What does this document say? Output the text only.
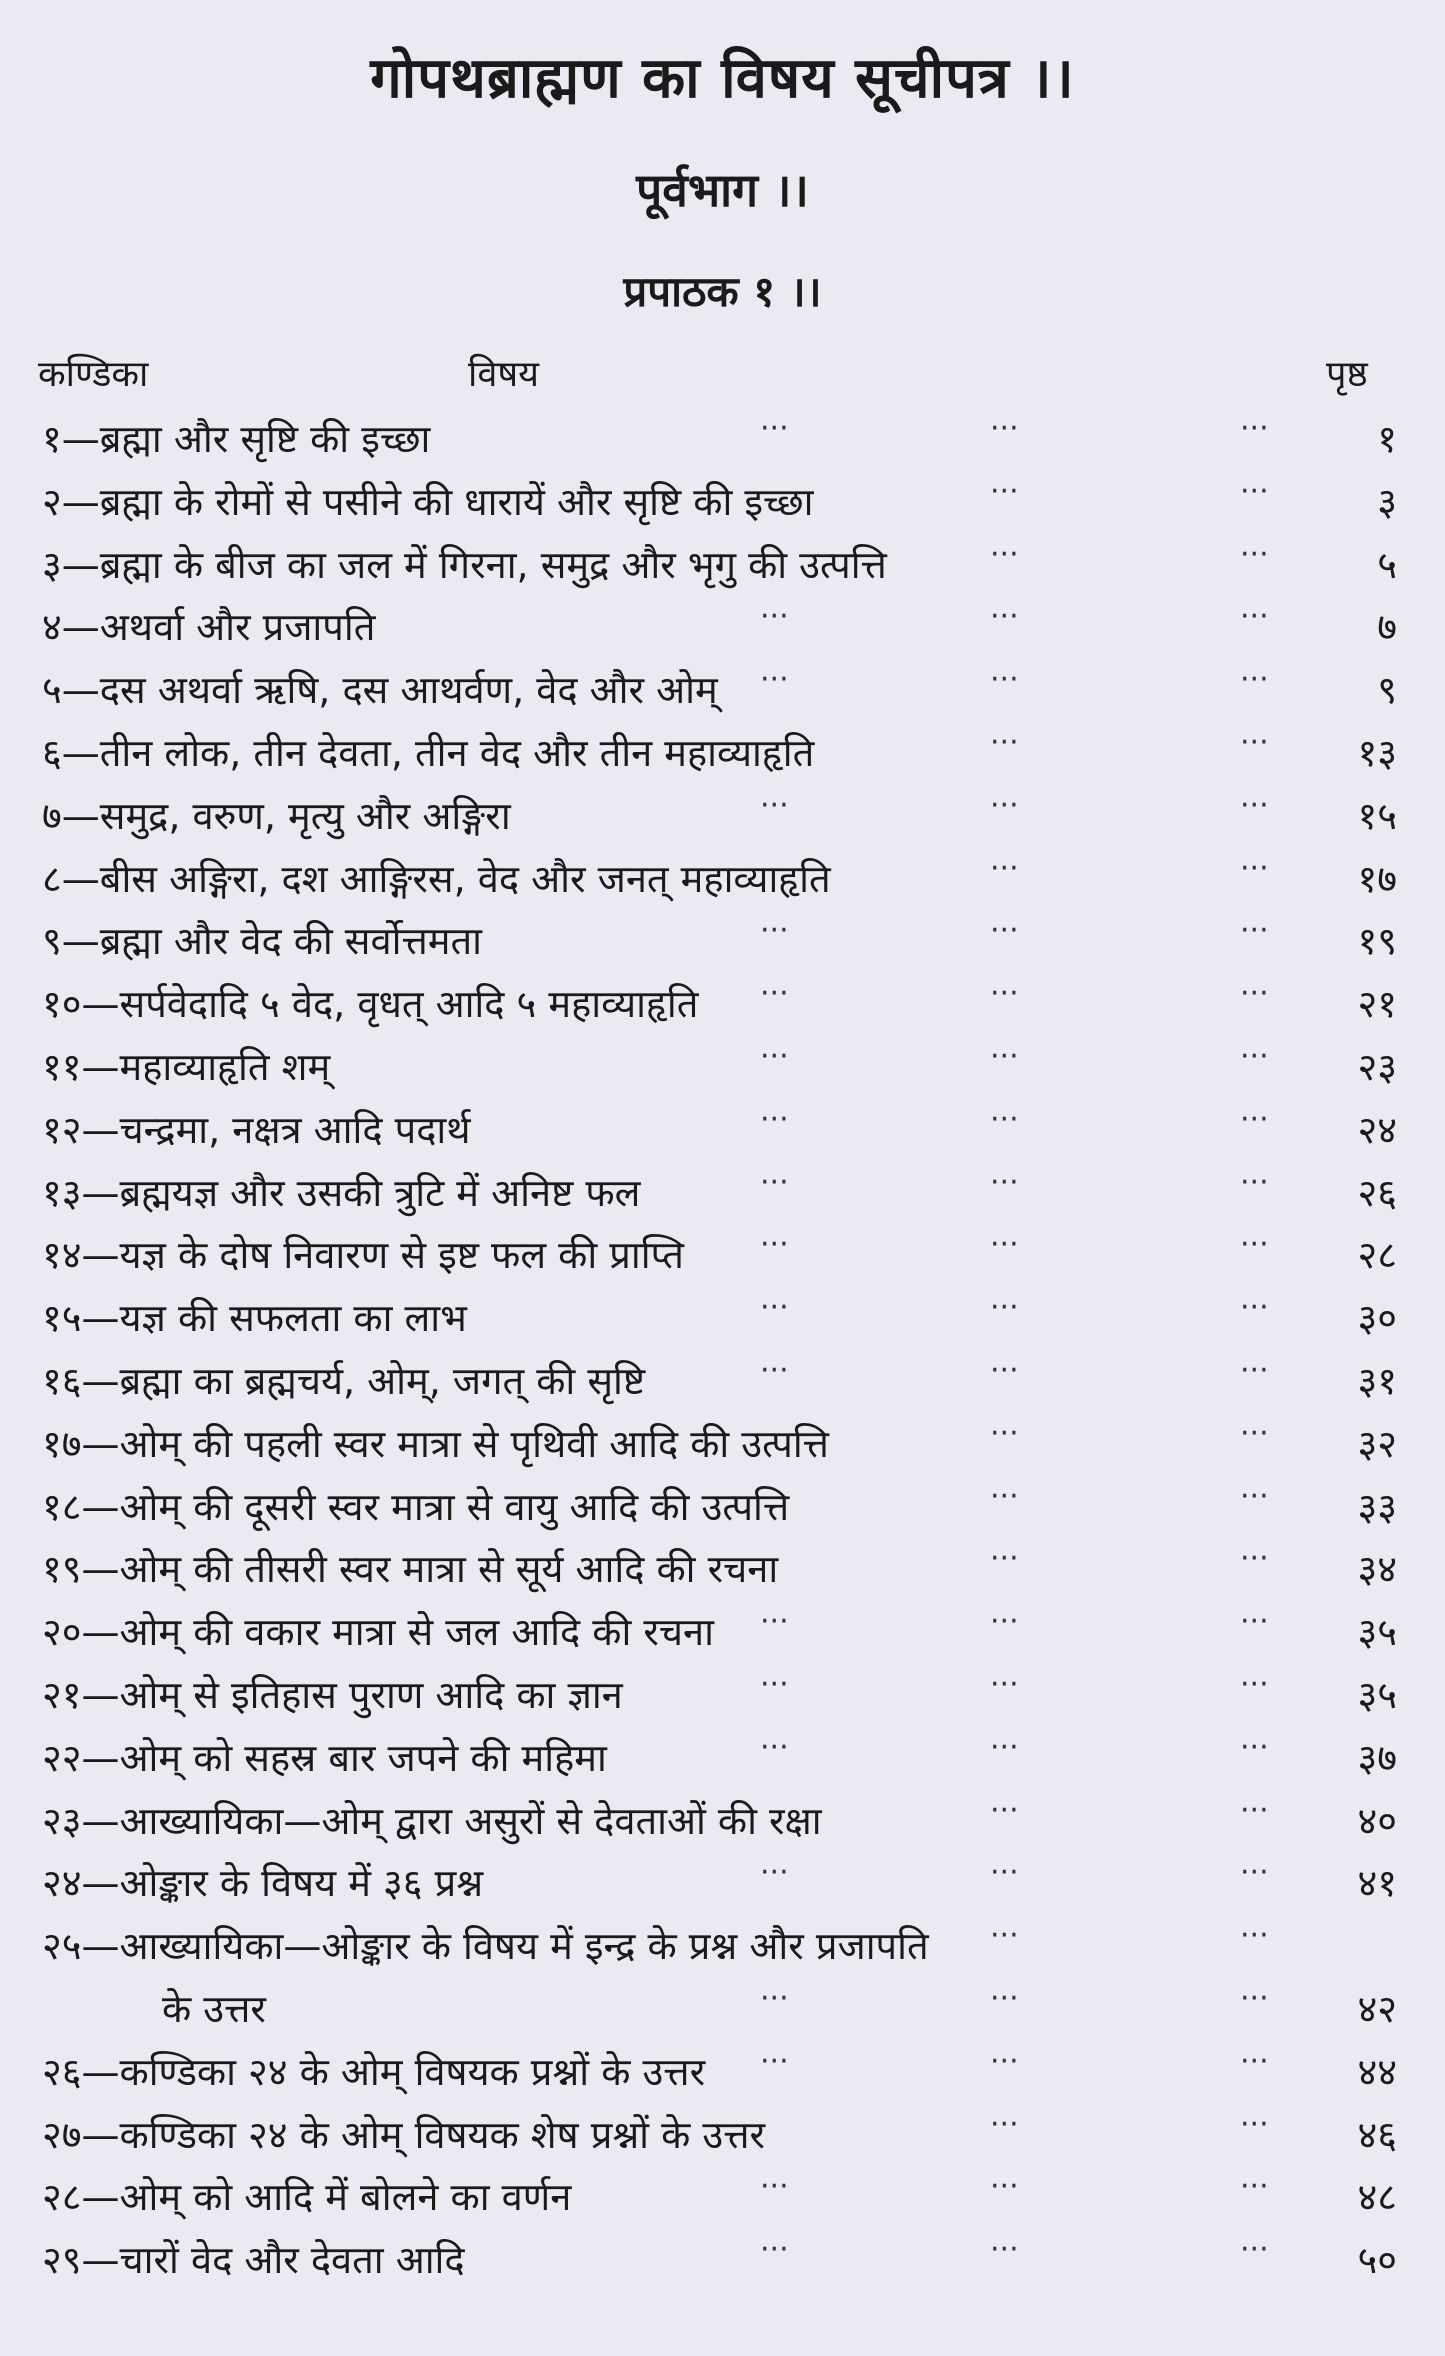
गोपथब्राह्मण का विषय सूचीपत्र ।।
पूर्वभाग ।।
प्रपाठक १ ।।
कण्डिका	विषय	पृष्ठ
१—ब्रह्मा और सृष्टि की इच्छा	···	···	···	१
२—ब्रह्मा के रोमों से पसीने की धारायें और सृष्टि की इच्छा	···	···	३
३—ब्रह्मा के बीज का जल में गिरना, समुद्र और भृगु की उत्पत्ति	···	···	५
४—अथर्वा और प्रजापति	···	···	···	७
५—दस अथर्वा ऋषि, दस आथर्वण, वेद और ओम् ···	···	···	९
६—तीन लोक, तीन देवता, तीन वेद और तीन महाव्याहृति	···	··· १३
७—समुद्र, वरुण, मृत्यु और अङ्गिरा	···	···	··· १५
८—बीस अङ्गिरा, दश आङ्गिरस, वेद और जनत् महाव्याहृति	···	··· १७
९—ब्रह्मा और वेद की सर्वोत्तमता	···	···	··· १९
१०—सर्पवेदादि ५ वेद, वृधत् आदि ५ महाव्याहृति ···	···	··· २१
११—महाव्याहृति शम्	···	···	··· २३
१२—चन्द्रमा, नक्षत्र आदि पदार्थ	···	···	··· २४
१३—ब्रह्मयज्ञ और उसकी त्रुटि में अनिष्ट फल	···	···	··· २६
१४—यज्ञ के दोष निवारण से इष्ट फल की प्राप्ति	···	···	··· २८
१५—यज्ञ की सफलता का लाभ	···	···	··· ३०
१६—ब्रह्मा का ब्रह्मचर्य, ओम्, जगत् की सृष्टि	···	···	··· ३१
१७—ओम् की पहली स्वर मात्रा से पृथिवी आदि की उत्पत्ति	···	··· ३२
१८—ओम् की दूसरी स्वर मात्रा से वायु आदि की उत्पत्ति	···	··· ३३
१९—ओम् की तीसरी स्वर मात्रा से सूर्य आदि की रचना	···	··· ३४
२०—ओम् की वकार मात्रा से जल आदि की रचना ···	···	··· ३५
२१—ओम् से इतिहास पुराण आदि का ज्ञान	···	···	··· ३५
२२—ओम् को सहस्र बार जपने की महिमा	···	···	··· ३७
२३—आख्यायिका—ओम् द्वारा असुरों से देवताओं की रक्षा	···	··· ४०
२४—ओङ्कार के विषय में ३६ प्रश्न	···	···	··· ४१
२५—आख्यायिका—ओङ्कार के विषय में इन्द्र के प्रश्न और प्रजापति ···	···
के उत्तर	···	···	··· ४२
२६—कण्डिका २४ के ओम् विषयक प्रश्नों के उत्तर ···	···	··· ४४
२७—कण्डिका २४ के ओम् विषयक शेष प्रश्नों के उत्तर	···	··· ४६
२८—ओम् को आदि में बोलने का वर्णन	···	···	··· ४८
२९—चारों वेद और देवता आदि	···	···	··· ५०
